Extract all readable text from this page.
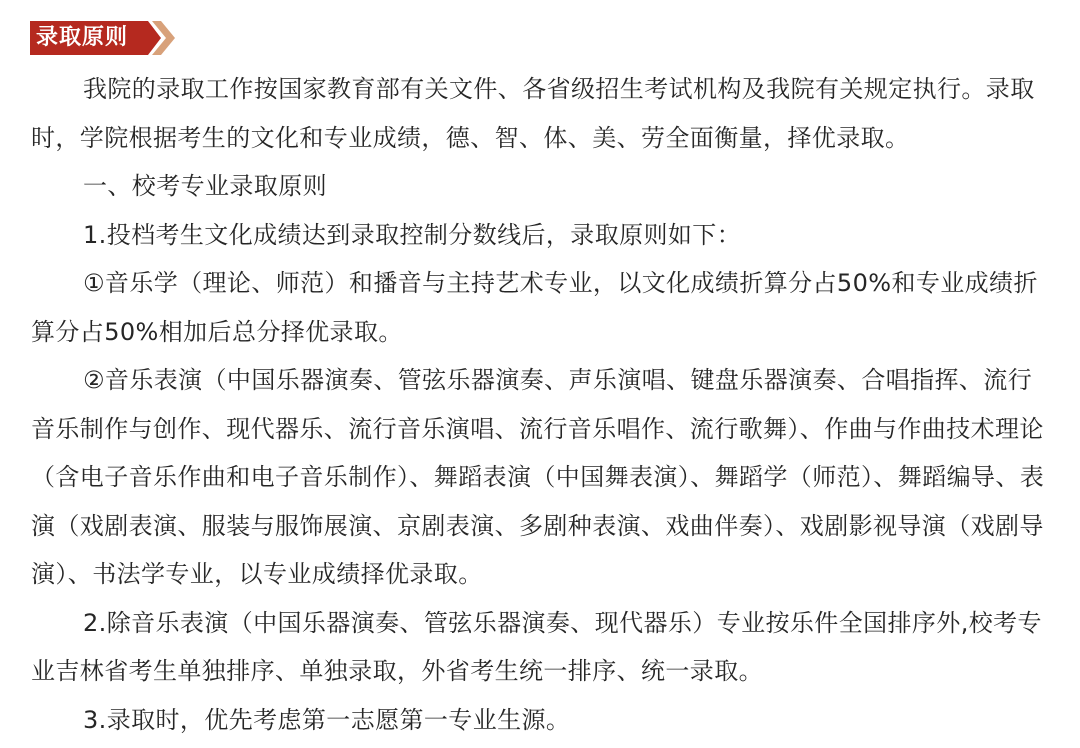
录取原则

我院的录取工作按国家教育部有关文件、各省级招生考试机构及我院有关规定执行。录取时，学院根据考生的文化和专业成绩，德、智、体、美、劳全面衡量，择优录取。

一、校考专业录取原则

1.投档考生文化成绩达到录取控制分数线后，录取原则如下：

①音乐学（理论、师范）和播音与主持艺术专业，以文化成绩折算分占50%和专业成绩折算分占50%相加后总分择优录取。

②音乐表演（中国乐器演奏、管弦乐器演奏、声乐演唱、键盘乐器演奏、合唱指挥、流行音乐制作与创作、现代器乐、流行音乐演唱、流行音乐唱作、流行歌舞）、作曲与作曲技术理论（含电子音乐作曲和电子音乐制作）、舞蹈表演（中国舞表演）、舞蹈学（师范）、舞蹈编导、表演（戏剧表演、服装与服饰展演、京剧表演、多剧种表演、戏曲伴奏）、戏剧影视导演（戏剧导演）、书法学专业，以专业成绩择优录取。

2.除音乐表演（中国乐器演奏、管弦乐器演奏、现代器乐）专业按乐件全国排序外,校考专业吉林省考生单独排序、单独录取，外省考生统一排序、统一录取。

3.录取时，优先考虑第一志愿第一专业生源。
